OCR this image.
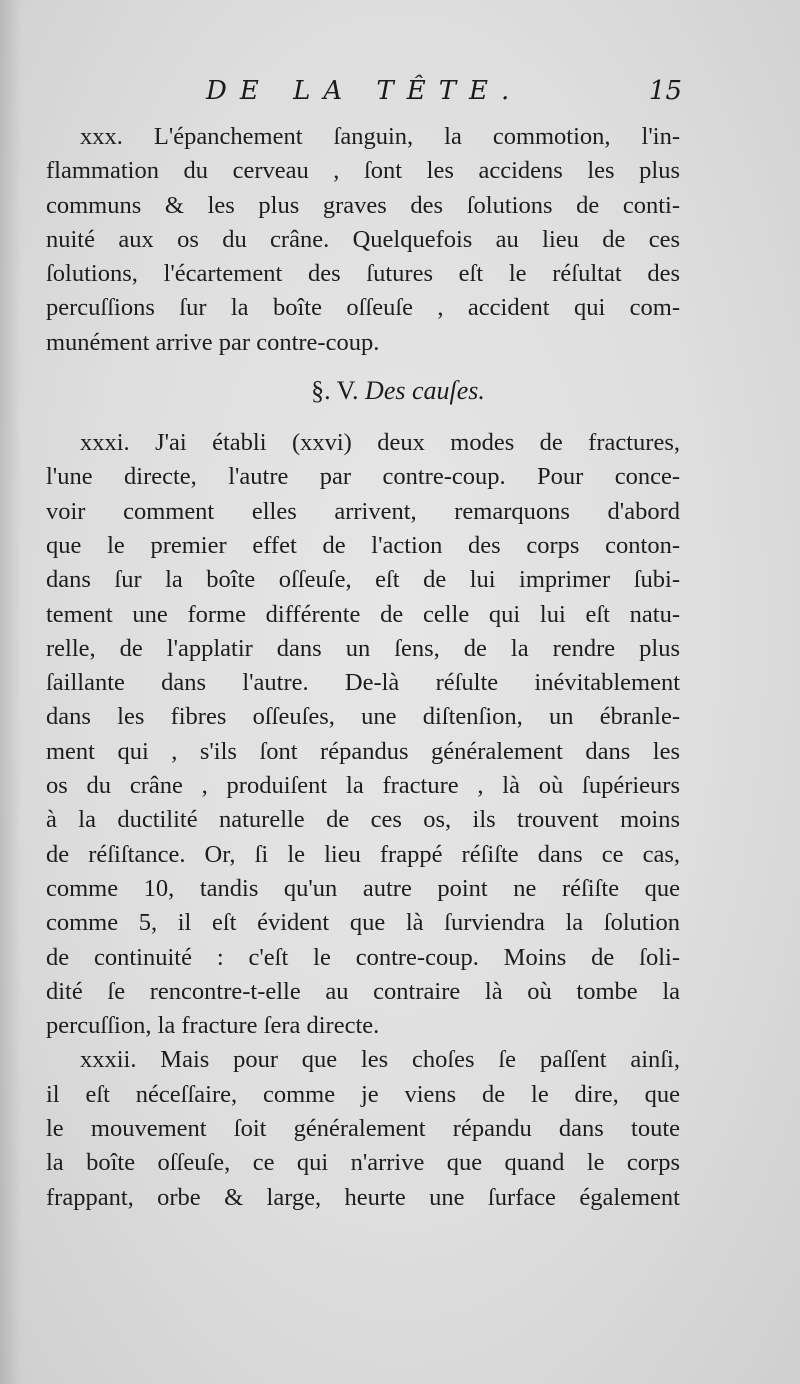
DE LA TÊTE.	15
xxx. L'épanchement ſanguin, la commotion, l'in-
flammation du cerveau , ſont les accidens les plus
communs & les plus graves des ſolutions de conti-
nuité aux os du crâne. Quelquefois au lieu de ces
ſolutions, l'écartement des ſutures eſt le réſultat des
percuſſions ſur la boîte oſſeuſe , accident qui com-
munément arrive par contre-coup.
§. V. Des cauſes.
xxxi. J'ai établi (xxvi) deux modes de fractures,
l'une directe, l'autre par contre-coup. Pour conce-
voir comment elles arrivent, remarquons d'abord
que le premier effet de l'action des corps conton-
dans ſur la boîte oſſeuſe, eſt de lui imprimer ſubi-
tement une forme différente de celle qui lui eſt natu-
relle, de l'applatir dans un ſens, de la rendre plus
ſaillante dans l'autre. De-là réſulte inévitablement
dans les fibres oſſeuſes, une diſtenſion, un ébranle-
ment qui , s'ils ſont répandus généralement dans les
os du crâne , produiſent la fracture , là où ſupérieurs
à la ductilité naturelle de ces os, ils trouvent moins
de réſiſtance. Or, ſi le lieu frappé réſiſte dans ce cas,
comme 10, tandis qu'un autre point ne réſiſte que
comme 5, il eſt évident que là ſurviendra la ſolution
de continuité : c'eſt le contre-coup. Moins de ſoli-
dité ſe rencontre-t-elle au contraire là où tombe la
percuſſion, la fracture ſera directe.
xxxii. Mais pour que les choſes ſe paſſent ainſi,
il eſt néceſſaire, comme je viens de le dire, que
le mouvement ſoit généralement répandu dans toute
la boîte oſſeuſe, ce qui n'arrive que quand le corps
frappant, orbe & large, heurte une ſurface également
